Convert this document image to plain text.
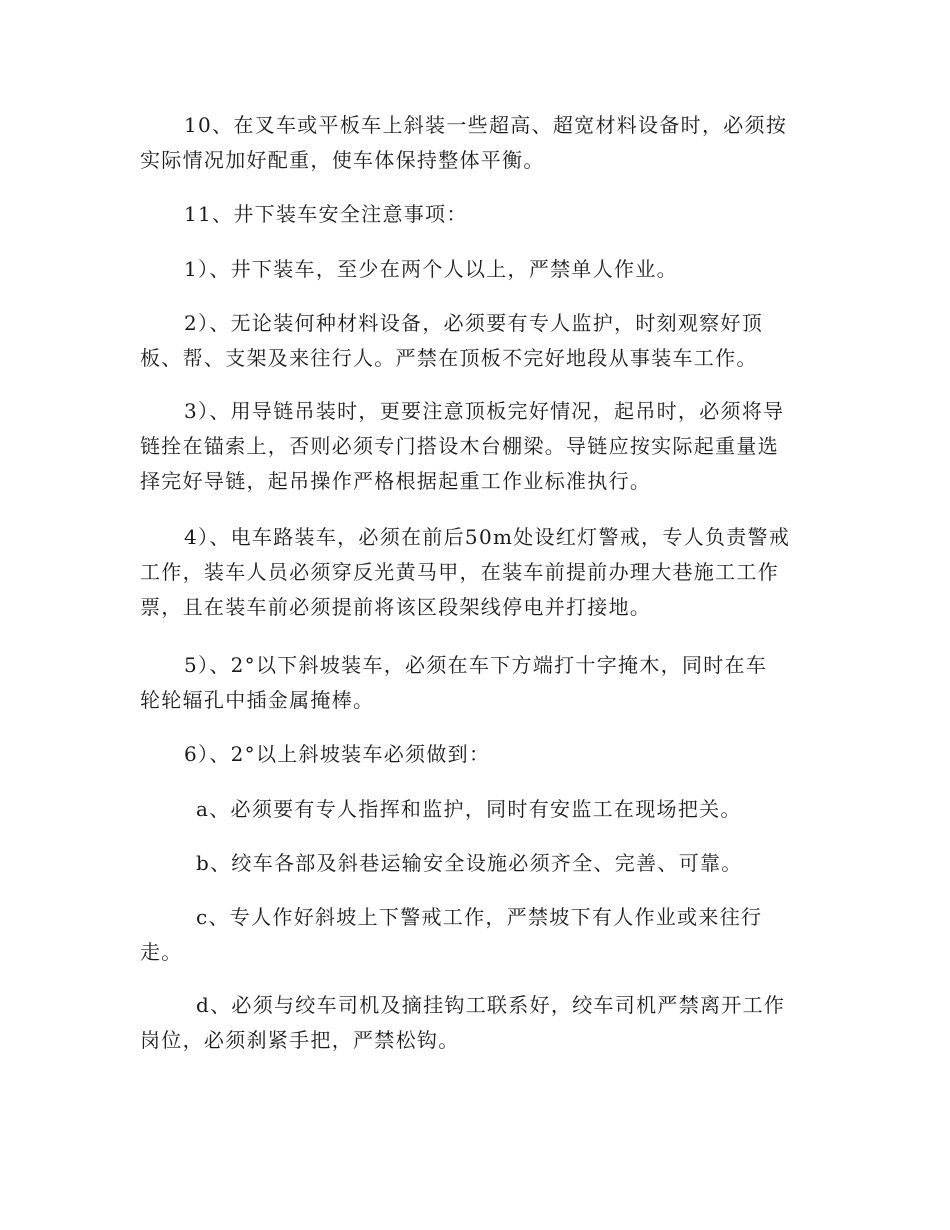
10、在叉车或平板车上斜装一些超高、超宽材料设备时，必须按
实际情况加好配重，使车体保持整体平衡。
11、井下装车安全注意事项：
1）、井下装车，至少在两个人以上，严禁单人作业。
2）、无论装何种材料设备，必须要有专人监护，时刻观察好顶
板、帮、支架及来往行人。严禁在顶板不完好地段从事装车工作。
3）、用导链吊装时，更要注意顶板完好情况，起吊时，必须将导
链拴在锚索上，否则必须专门搭设木台棚梁。导链应按实际起重量选
择完好导链，起吊操作严格根据起重工作业标准执行。
4）、电车路装车，必须在前后50m处设红灯警戒，专人负责警戒
工作，装车人员必须穿反光黄马甲，在装车前提前办理大巷施工工作
票，且在装车前必须提前将该区段架线停电并打接地。
5）、2°以下斜坡装车，必须在车下方端打十字掩木，同时在车
轮轮辐孔中插金属掩棒。
6）、2°以上斜坡装车必须做到：
a、必须要有专人指挥和监护，同时有安监工在现场把关。
b、绞车各部及斜巷运输安全设施必须齐全、完善、可靠。
c、专人作好斜坡上下警戒工作，严禁坡下有人作业或来往行
走。
d、必须与绞车司机及摘挂钩工联系好，绞车司机严禁离开工作
岗位，必须刹紧手把，严禁松钩。
